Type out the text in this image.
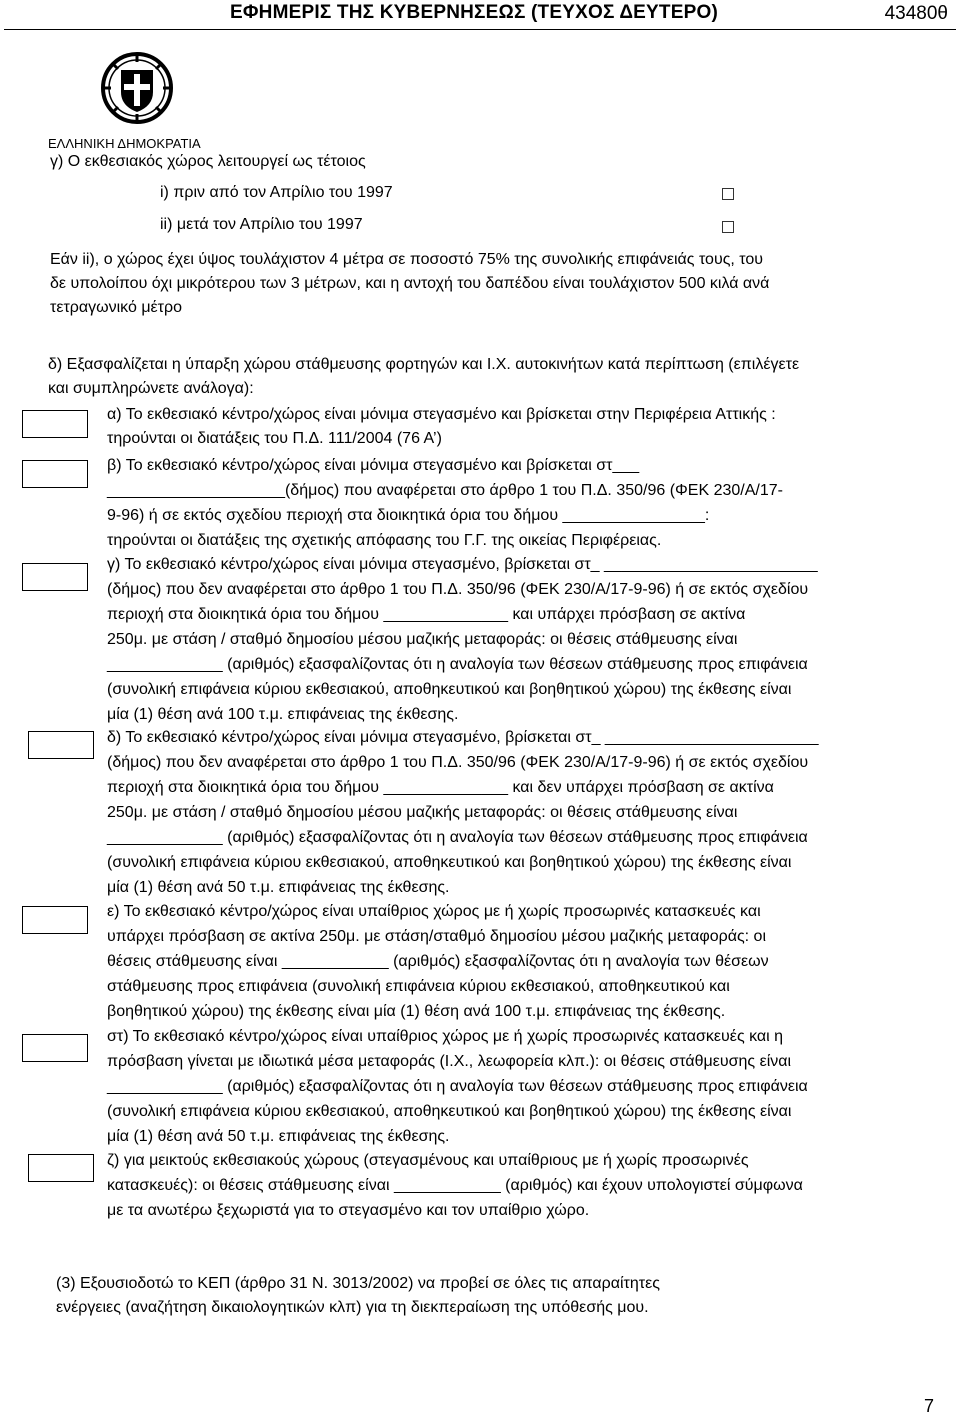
ΕΦΗΜΕΡΙΣ ΤΗΣ ΚΥΒΕΡΝΗΣΕΩΣ (ΤΕΥΧΟΣ ΔΕΥΤΕΡΟ)	43480θ
ΕΛΛΗΝΙΚΗ ΔΗΜΟΚΡΑΤΙΑ
γ) Ο εκθεσιακός χώρος λειτουργεί ως τέτοιος
i) πριν από τον Απρίλιο του 1997
ii) μετά τον Απρίλιο του 1997
Εάν ii), ο χώρος έχει ύψος τουλάχιστον 4 μέτρα σε ποσοστό 75% της συνολικής επιφάνειάς τους, του
δε υπολοίπου όχι μικρότερου των 3 μέτρων, και η αντοχή του δαπέδου είναι τουλάχιστον 500 κιλά ανά
τετραγωνικό μέτρο
δ) Εξασφαλίζεται η ύπαρξη χώρου στάθμευσης φορτηγών και Ι.Χ. αυτοκινήτων κατά περίπτωση (επιλέγετε
και συμπληρώνετε ανάλογα):
α) Το εκθεσιακό κέντρο/χώρος είναι μόνιμα στεγασμένο και βρίσκεται στην Περιφέρεια Αττικής :
τηρούνται οι διατάξεις του Π.Δ. 111/2004 (76 Α’)
β) Το εκθεσιακό κέντρο/χώρος είναι μόνιμα στεγασμένο και βρίσκεται στ___
____________________(δήμος) που αναφέρεται στο άρθρο 1 του Π.Δ. 350/96 (ΦΕΚ 230/Α/17-
9-96) ή σε εκτός σχεδίου περιοχή στα διοικητικά όρια του δήμου ________________:
τηρούνται οι διατάξεις της σχετικής απόφασης του Γ.Γ. της οικείας Περιφέρειας.
γ) Το εκθεσιακό κέντρο/χώρος είναι μόνιμα στεγασμένο, βρίσκεται στ_ ________________________
(δήμος) που δεν αναφέρεται στο άρθρο 1 του Π.Δ. 350/96 (ΦΕΚ 230/Α/17-9-96) ή σε εκτός σχεδίου
περιοχή στα διοικητικά όρια του δήμου ______________ και υπάρχει πρόσβαση σε ακτίνα
250μ. με στάση / σταθμό δημοσίου μέσου μαζικής μεταφοράς: οι θέσεις στάθμευσης είναι
_____________ (αριθμός) εξασφαλίζοντας ότι η αναλογία των θέσεων στάθμευσης προς επιφάνεια
(συνολική επιφάνεια κύριου εκθεσιακού, αποθηκευτικού και βοηθητικού χώρου) της έκθεσης είναι
μία (1) θέση ανά 100 τ.μ. επιφάνειας της έκθεσης.
δ) Το εκθεσιακό κέντρο/χώρος είναι μόνιμα στεγασμένο, βρίσκεται στ_ ________________________
(δήμος) που δεν αναφέρεται στο άρθρο 1 του Π.Δ. 350/96 (ΦΕΚ 230/Α/17-9-96) ή σε εκτός σχεδίου
περιοχή στα διοικητικά όρια του δήμου ______________ και δεν υπάρχει πρόσβαση σε ακτίνα
250μ. με στάση / σταθμό δημοσίου μέσου μαζικής μεταφοράς: οι θέσεις στάθμευσης είναι
_____________ (αριθμός) εξασφαλίζοντας ότι η αναλογία των θέσεων στάθμευσης προς επιφάνεια
(συνολική επιφάνεια κύριου εκθεσιακού, αποθηκευτικού και βοηθητικού χώρου) της έκθεσης είναι
μία (1) θέση ανά 50 τ.μ. επιφάνειας της έκθεσης.
ε) Το εκθεσιακό κέντρο/χώρος είναι υπαίθριος χώρος με ή χωρίς προσωρινές κατασκευές και
υπάρχει πρόσβαση σε ακτίνα 250μ. με στάση/σταθμό δημοσίου μέσου μαζικής μεταφοράς: οι
θέσεις στάθμευσης είναι ____________ (αριθμός) εξασφαλίζοντας ότι η αναλογία των θέσεων
στάθμευσης προς επιφάνεια (συνολική επιφάνεια κύριου εκθεσιακού, αποθηκευτικού και
βοηθητικού χώρου) της έκθεσης είναι μία (1) θέση ανά 100 τ.μ. επιφάνειας της έκθεσης.
στ) Το εκθεσιακό κέντρο/χώρος είναι υπαίθριος χώρος με ή χωρίς προσωρινές κατασκευές και η
πρόσβαση γίνεται με ιδιωτικά μέσα μεταφοράς (Ι.Χ., λεωφορεία κλπ.): οι θέσεις στάθμευσης είναι
_____________ (αριθμός) εξασφαλίζοντας ότι η αναλογία των θέσεων στάθμευσης προς επιφάνεια
(συνολική επιφάνεια κύριου εκθεσιακού, αποθηκευτικού και βοηθητικού χώρου) της έκθεσης είναι
μία (1) θέση ανά 50 τ.μ. επιφάνειας της έκθεσης.
ζ) για μεικτούς εκθεσιακούς χώρους (στεγασμένους και υπαίθριους με ή χωρίς προσωρινές
κατασκευές): οι θέσεις στάθμευσης είναι ____________ (αριθμός) και έχουν υπολογιστεί σύμφωνα
με τα ανωτέρω ξεχωριστά για το στεγασμένο και τον υπαίθριο χώρο.
(3) Εξουσιοδοτώ το ΚΕΠ (άρθρο 31 Ν. 3013/2002) να προβεί σε όλες τις απαραίτητες
ενέργειες (αναζήτηση δικαιολογητικών κλπ) για τη διεκπεραίωση της υπόθεσής μου.
7
